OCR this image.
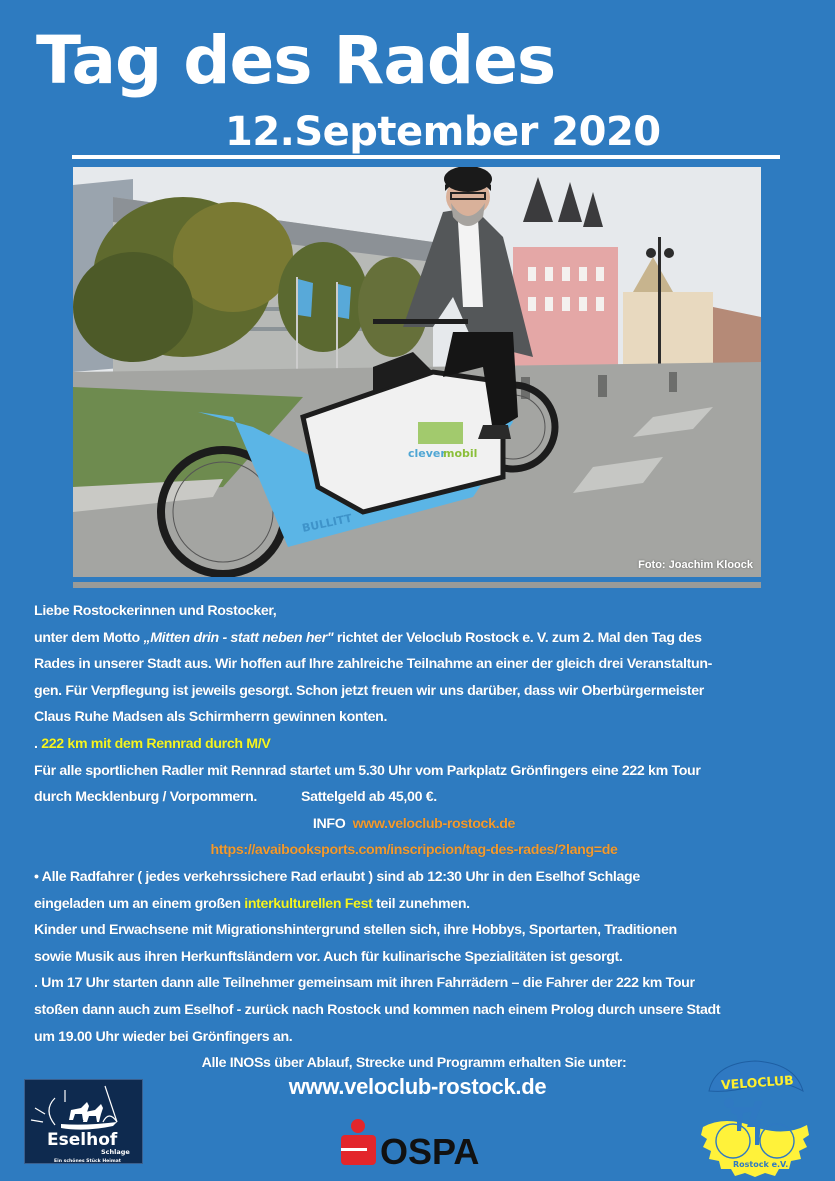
Tag des Rades
12.September 2020
clever
mobil
BULLITT
Foto: Joachim Kloock
Liebe Rostockerinnen und Rostocker,
unter dem Motto „Mitten drin - statt neben her" richtet der Veloclub Rostock e. V. zum 2. Mal den Tag des
Rades in unserer Stadt aus. Wir hoffen auf Ihre zahlreiche Teilnahme an einer der gleich drei Veranstaltun-
gen. Für Verpflegung ist jeweils gesorgt. Schon jetzt freuen wir uns darüber, dass wir Oberbürgermeister
Claus Ruhe Madsen als Schirmherrn gewinnen konten.
. 222 km mit dem Rennrad durch M/V
Für alle sportlichen Radler mit Rennrad startet um 5.30 Uhr vom Parkplatz Grönfingers eine 222 km Tour
durch Mecklenburg / Vorpommern.	Sattelgeld ab 45,00 €.
INFO www.veloclub-rostock.de
https://avaibooksports.com/inscripcion/tag-des-rades/?lang=de
• Alle Radfahrer ( jedes verkehrssichere Rad erlaubt ) sind ab 12:30 Uhr in den Eselhof Schlage
eingeladen um an einem großen interkulturellen Fest teil zunehmen.
Kinder und Erwachsene mit Migrationshintergrund stellen sich, ihre Hobbys, Sportarten, Traditionen
sowie Musik aus ihren Herkunftsländern vor. Auch für kulinarische Spezialitäten ist gesorgt.
. Um 17 Uhr starten dann alle Teilnehmer gemeinsam mit ihren Fahrrädern – die Fahrer der 222 km Tour
stoßen dann auch zum Eselhof - zurück nach Rostock und kommen nach einem Prolog durch unsere Stadt
um 19.00 Uhr wieder bei Grönfingers an.
Alle INOSs über Ablauf, Strecke und Programm erhalten Sie unter:
www.veloclub-rostock.de
Eselhof
Schlage
Ein schönes Stück Heimat	OSPA
VELOCLUB
Rostock e.V.
